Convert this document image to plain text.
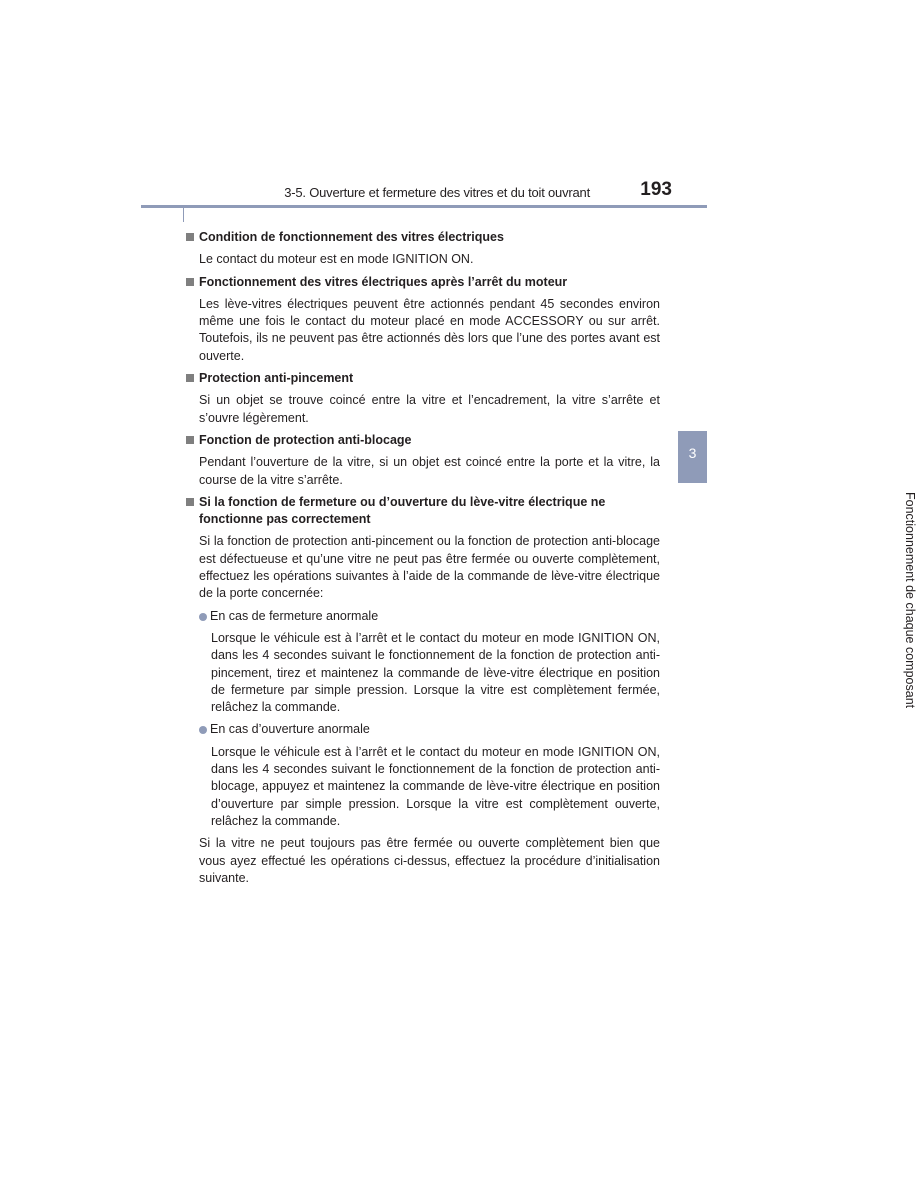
3-5. Ouverture et fermeture des vitres et du toit ouvrant	193
3
Fonctionnement de chaque composant

Condition de fonctionnement des vitres électriques

Le contact du moteur est en mode IGNITION ON.

Fonctionnement des vitres électriques après l’arrêt du moteur

Les lève-vitres électriques peuvent être actionnés pendant 45 secondes environ même une fois le contact du moteur placé en mode ACCESSORY ou sur arrêt. Toutefois, ils ne peuvent pas être actionnés dès lors que l’une des portes avant est ouverte.

Protection anti-pincement

Si un objet se trouve coincé entre la vitre et l’encadrement, la vitre s’arrête et s’ouvre légèrement.

Fonction de protection anti-blocage

Pendant l’ouverture de la vitre, si un objet est coincé entre la porte et la vitre, la course de la vitre s’arrête.

Si la fonction de fermeture ou d’ouverture du lève-vitre électrique ne fonctionne pas correctement

Si la fonction de protection anti-pincement ou la fonction de protection anti-blocage est défectueuse et qu’une vitre ne peut pas être fermée ou ouverte complètement, effectuez les opérations suivantes à l’aide de la commande de lève-vitre électrique de la porte concernée:

En cas de fermeture anormale

Lorsque le véhicule est à l’arrêt et le contact du moteur en mode IGNITION ON, dans les 4 secondes suivant le fonctionnement de la fonction de protection anti-pincement, tirez et maintenez la commande de lève-vitre électrique en position de fermeture par simple pression. Lorsque la vitre est complètement fermée, relâchez la commande.

En cas d’ouverture anormale

Lorsque le véhicule est à l’arrêt et le contact du moteur en mode IGNITION ON, dans les 4 secondes suivant le fonctionnement de la fonction de protection anti-blocage, appuyez et maintenez la commande de lève-vitre électrique en position d’ouverture par simple pression. Lorsque la vitre est complètement ouverte, relâchez la commande.

Si la vitre ne peut toujours pas être fermée ou ouverte complètement bien que vous ayez effectué les opérations ci-dessus, effectuez la procédure d’initialisation suivante.
